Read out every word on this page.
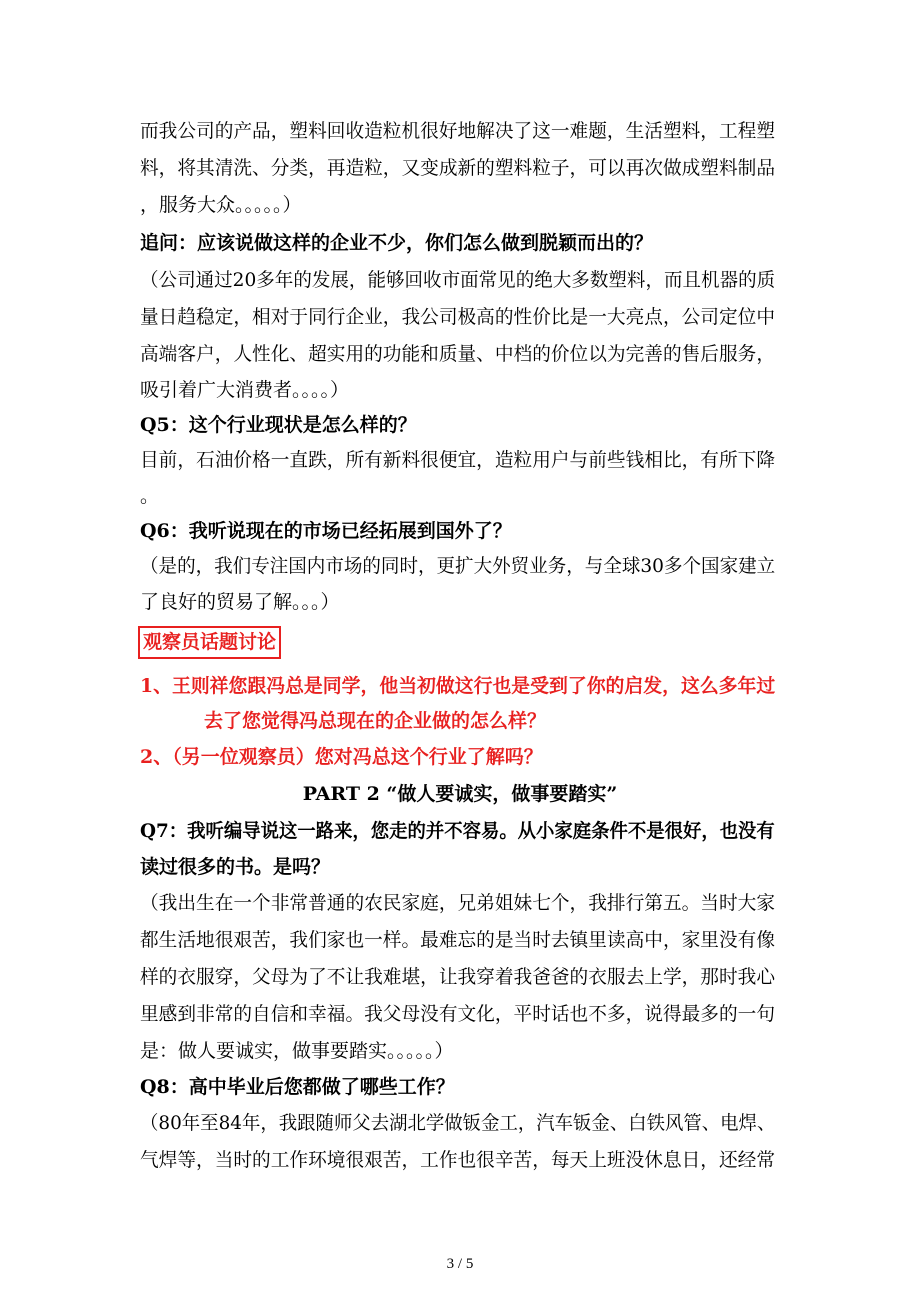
而我公司的产品，塑料回收造粒机很好地解决了这一难题，生活塑料，工程塑
料，将其清洗、分类，再造粒，又变成新的塑料粒子，可以再次做成塑料制品
，服务大众。。。。。）
追问：应该说做这样的企业不少，你们怎么做到脱颖而出的？
（公司通过20多年的发展，能够回收市面常见的绝大多数塑料，而且机器的质
量日趋稳定，相对于同行企业，我公司极高的性价比是一大亮点，公司定位中
高端客户，人性化、超实用的功能和质量、中档的价位以为完善的售后服务，
吸引着广大消费者。。。。）
Q5：这个行业现状是怎么样的？
目前，石油价格一直跌，所有新料很便宜，造粒用户与前些钱相比，有所下降
。
Q6：我听说现在的市场已经拓展到国外了？
（是的，我们专注国内市场的同时，更扩大外贸业务，与全球30多个国家建立
了良好的贸易了解。。。）
观察员话题讨论
1、王则祥您跟冯总是同学，他当初做这行也是受到了你的启发，这么多年过
去了您觉得冯总现在的企业做的怎么样？
2、（另一位观察员）您对冯总这个行业了解吗？
PART 2 “做人要诚实，做事要踏实”
Q7：我听编导说这一路来，您走的并不容易。从小家庭条件不是很好，也没有
读过很多的书。是吗？
（我出生在一个非常普通的农民家庭，兄弟姐妹七个，我排行第五。当时大家
都生活地很艰苦，我们家也一样。最难忘的是当时去镇里读高中，家里没有像
样的衣服穿，父母为了不让我难堪，让我穿着我爸爸的衣服去上学，那时我心
里感到非常的自信和幸福。我父母没有文化，平时话也不多，说得最多的一句
是：做人要诚实，做事要踏实。。。。。）
Q8：高中毕业后您都做了哪些工作？
（80年至84年，我跟随师父去湖北学做钣金工，汽车钣金、白铁风管、电焊、
气焊等，当时的工作环境很艰苦，工作也很辛苦，每天上班没休息日，还经常
3 / 5
